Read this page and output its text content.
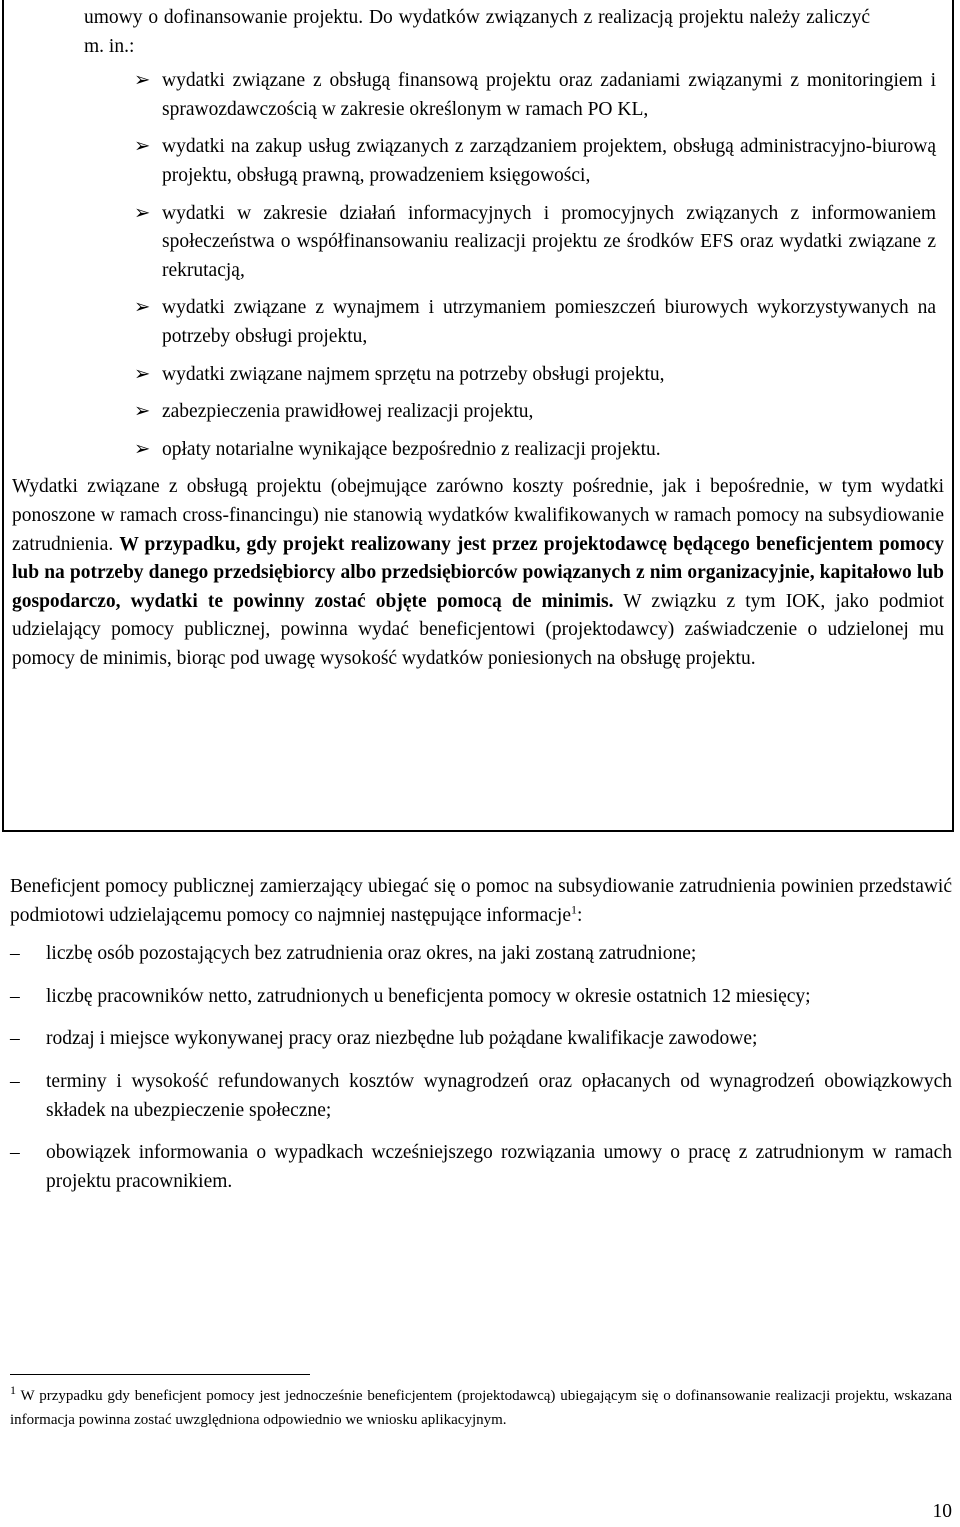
umowy o dofinansowanie projektu. Do wydatków związanych z realizacją projektu należy zaliczyć m. in.:

➢ wydatki związane z obsługą finansową projektu oraz zadaniami związanymi z monitoringiem i sprawozdawczością w zakresie określonym w ramach PO KL,
➢ wydatki na zakup usług związanych z zarządzaniem projektem, obsługą administracyjno-biurową projektu, obsługą prawną, prowadzeniem księgowości,
➢ wydatki w zakresie działań informacyjnych i promocyjnych związanych z informowaniem społeczeństwa o współfinansowaniu realizacji projektu ze środków EFS oraz wydatki związane z rekrutacją,
➢ wydatki związane z wynajmem i utrzymaniem pomieszczeń biurowych wykorzystywanych na potrzeby obsługi projektu,
➢ wydatki związane najmem sprzętu na potrzeby obsługi projektu,
➢ zabezpieczenia prawidłowej realizacji projektu,
➢ opłaty notarialne wynikające bezpośrednio z realizacji projektu.

Wydatki związane z obsługą projektu (obejmujące zarówno koszty pośrednie, jak i bepośrednie, w tym wydatki ponoszone w ramach cross-financingu) nie stanowią wydatków kwalifikowanych w ramach pomocy na subsydiowanie zatrudnienia. W przypadku, gdy projekt realizowany jest przez projektodawcę będącego beneficjentem pomocy lub na potrzeby danego przedsiębiorcy albo przedsiębiorców powiązanych z nim organizacyjnie, kapitałowo lub gospodarczo, wydatki te powinny zostać objęte pomocą de minimis. W związku z tym IOK, jako podmiot udzielający pomocy publicznej, powinna wydać beneficjentowi (projektodawcy) zaświadczenie o udzielonej mu pomocy de minimis, biorąc pod uwagę wysokość wydatków poniesionych na obsługę projektu.

Beneficjent pomocy publicznej zamierzający ubiegać się o pomoc na subsydiowanie zatrudnienia powinien przedstawić podmiotowi udzielającemu pomocy co najmniej następujące informacje$^1$:

–	liczbę osób pozostających bez zatrudnienia oraz okres, na jaki zostaną zatrudnione;
–	liczbę pracowników netto, zatrudnionych u beneficjenta pomocy w okresie ostatnich 12 miesięcy;
–	rodzaj i miejsce wykonywanej pracy oraz niezbędne lub pożądane kwalifikacje zawodowe;
–	terminy i wysokość refundowanych kosztów wynagrodzeń oraz opłacanych od wynagrodzeń obowiązkowych składek na ubezpieczenie społeczne;
–	obowiązek informowania o wypadkach wcześniejszego rozwiązania umowy o pracę z zatrudnionym w ramach projektu pracownikiem.
$^1$ W przypadku gdy beneficjent pomocy jest jednocześnie beneficjentem (projektodawcą) ubiegającym się o dofinansowanie realizacji projektu, wskazana informacja powinna zostać uwzględniona odpowiednio we wniosku aplikacyjnym.
10
